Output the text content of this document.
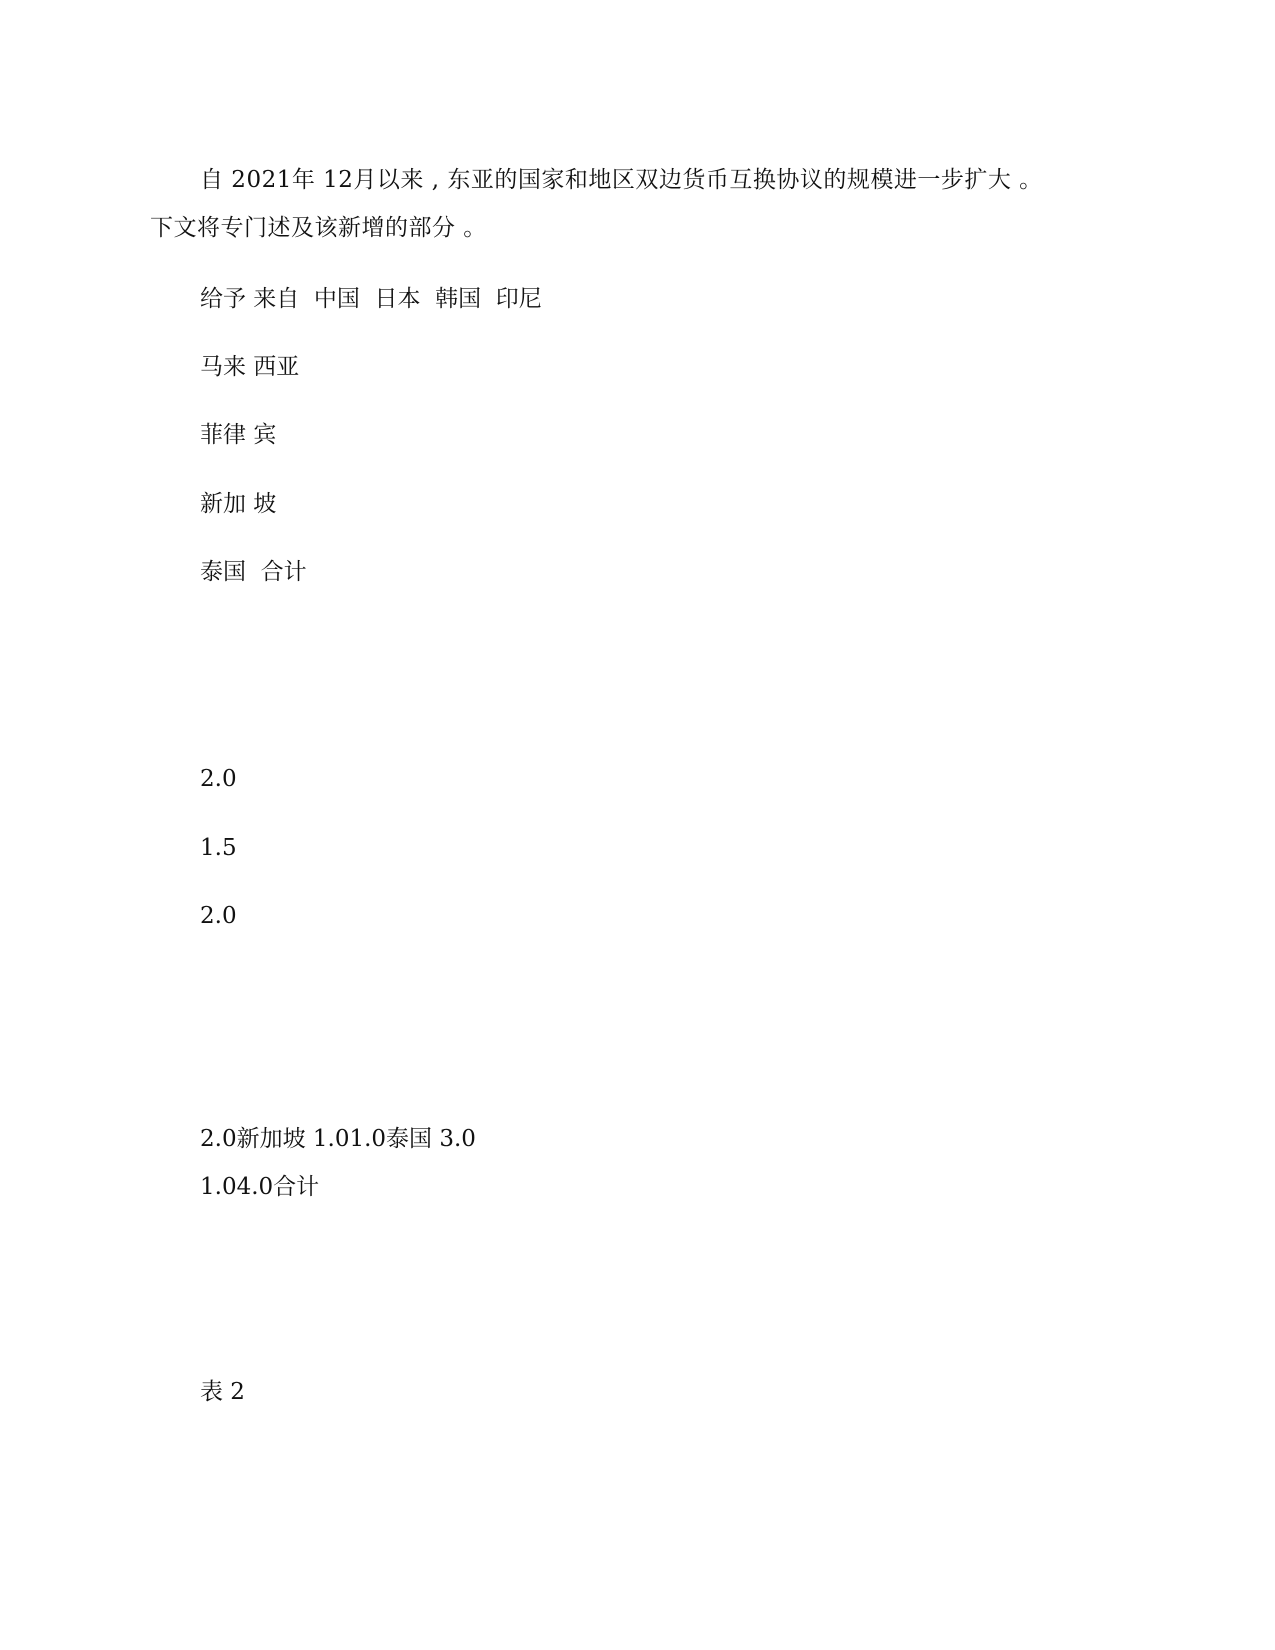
自 2021年 12月以来 , 东亚的国家和地区双边货币互换协议的规模进一步扩大 。

下文将专门述及该新增的部分 。

给予 来自  中国  日本  韩国  印尼

马来 西亚

菲律 宾

新加 坡

泰国  合计

2.0

1.5

2.0

2.0新加坡 1.01.0泰国 3.0

1.04.0合计

表 2
